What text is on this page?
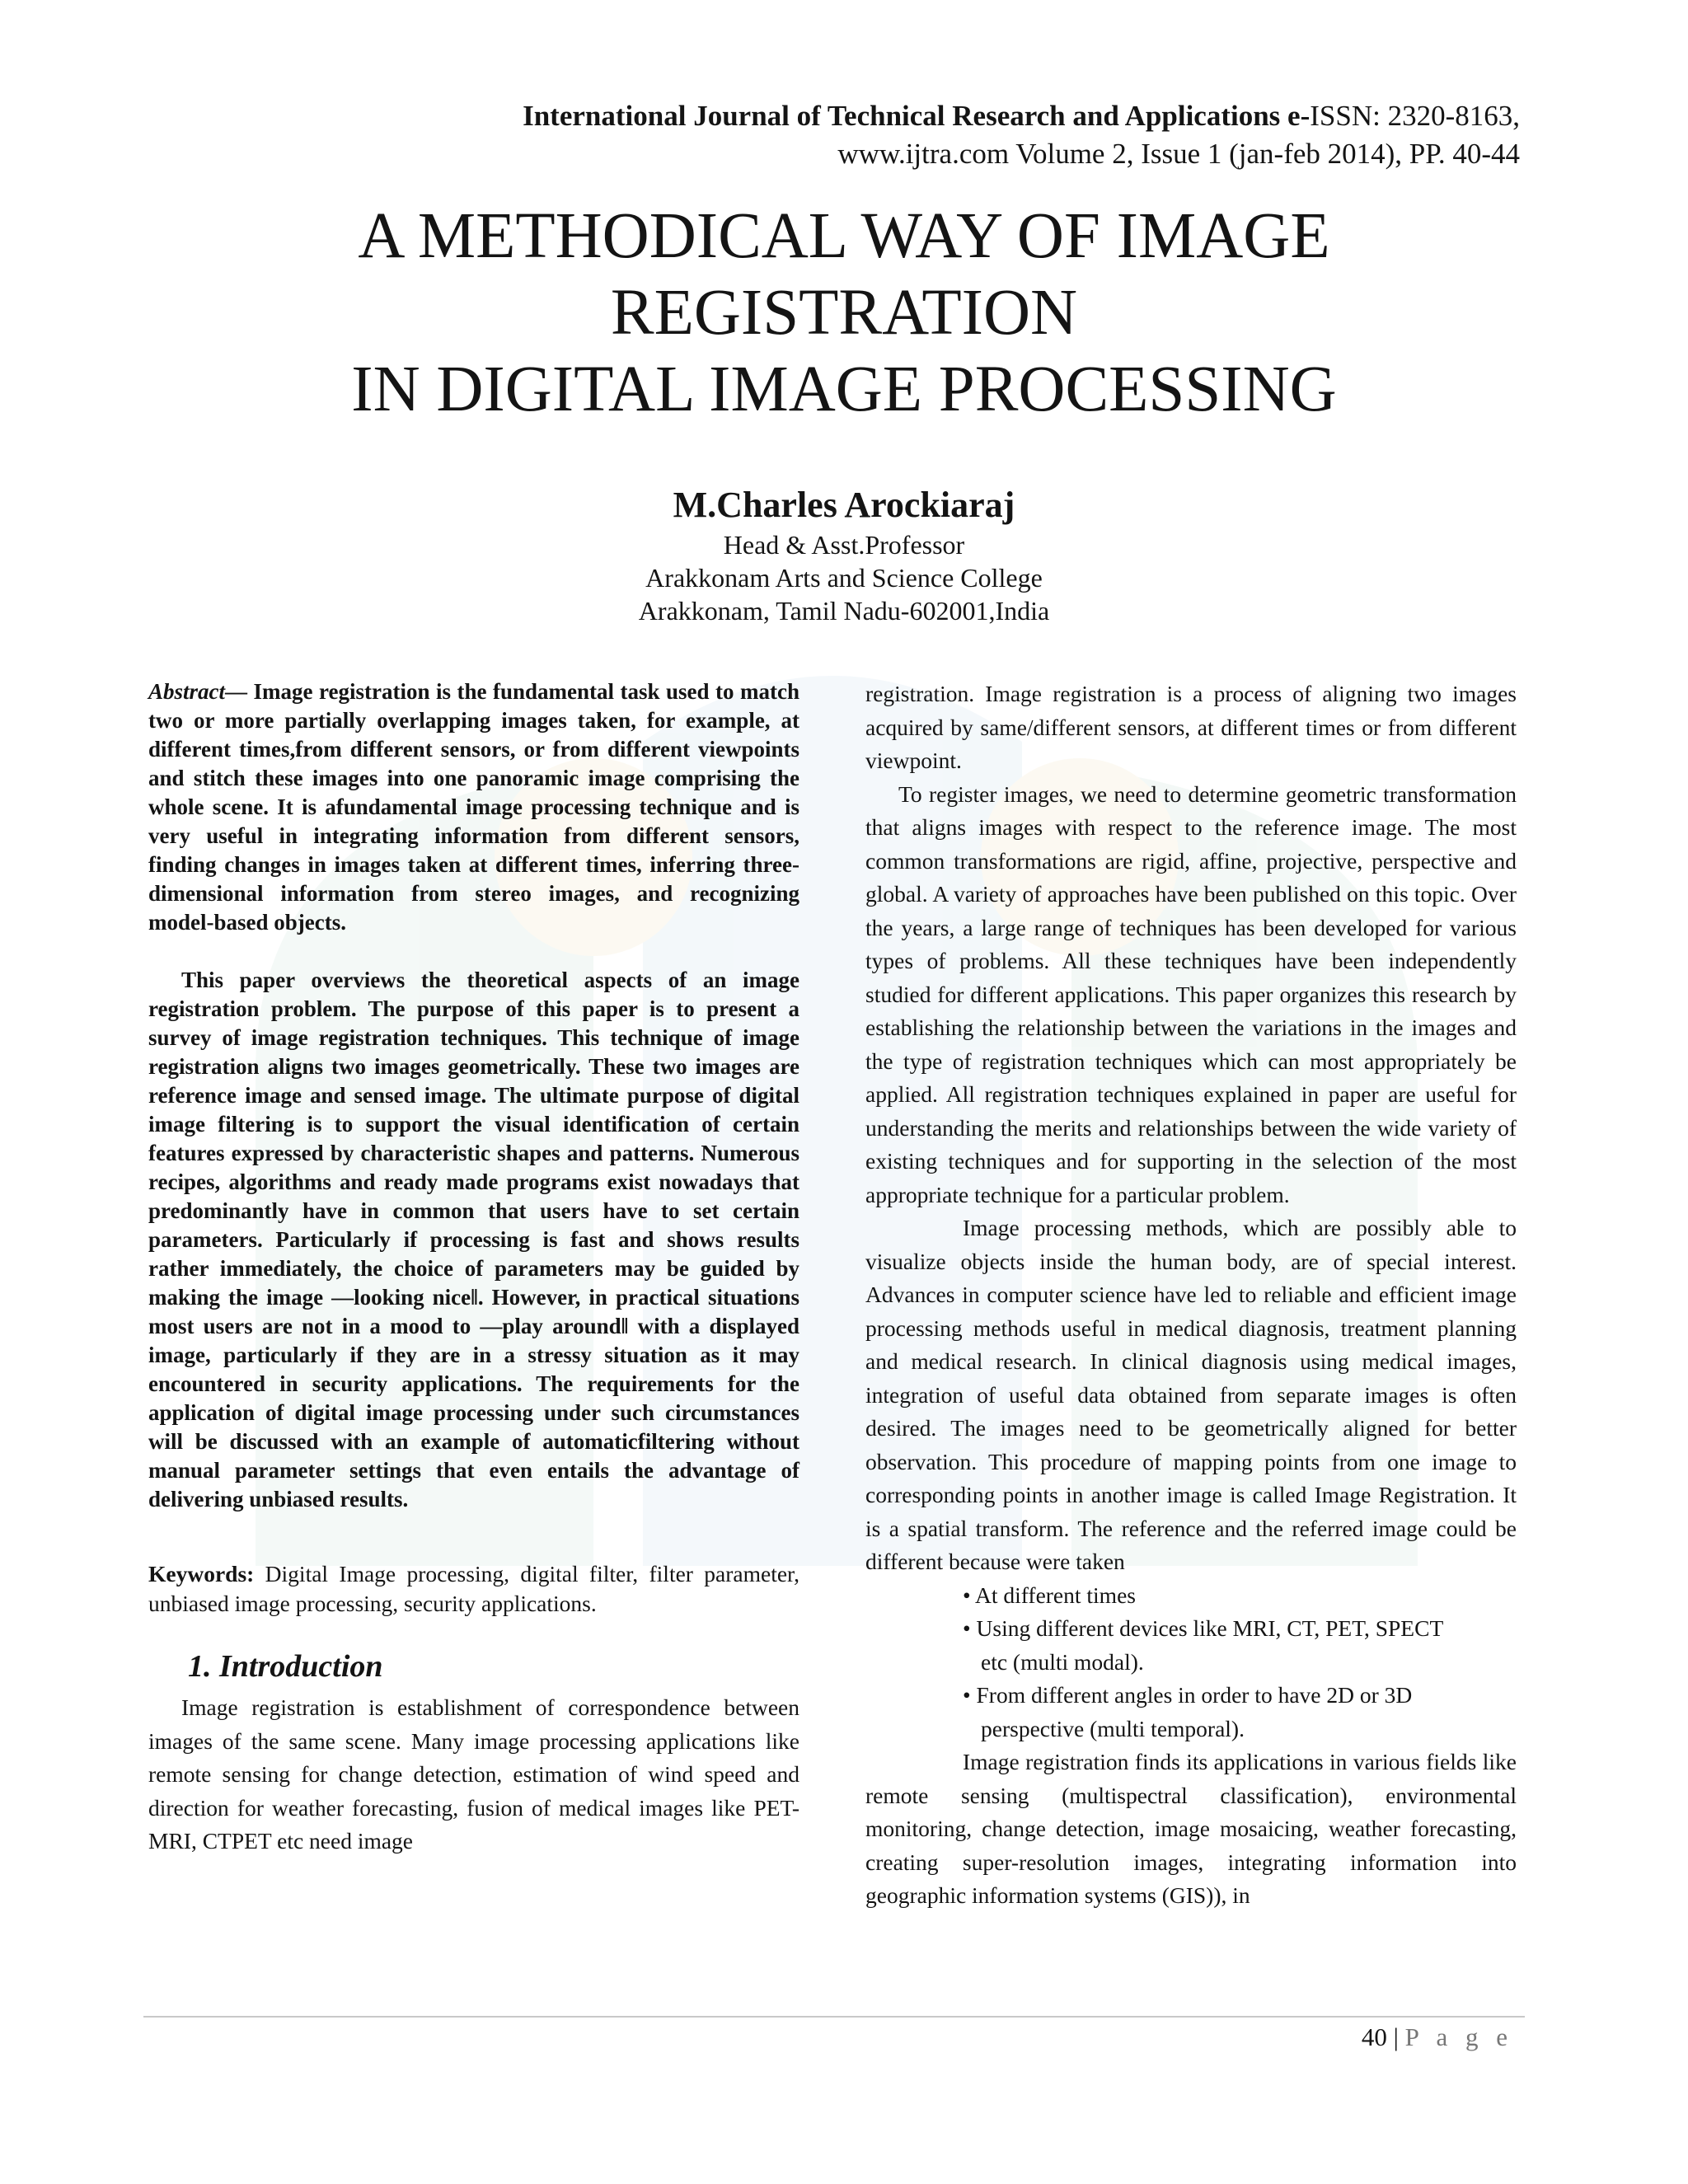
International Journal of Technical Research and Applications e-ISSN: 2320-8163,
www.ijtra.com Volume 2, Issue 1 (jan-feb 2014), PP. 40-44
A METHODICAL WAY OF IMAGE
REGISTRATION
IN DIGITAL IMAGE PROCESSING
M.Charles Arockiaraj
Head & Asst.Professor
Arakkonam Arts and Science College
Arakkonam, Tamil Nadu-602001,India

Abstract— Image registration is the fundamental task used to match two or more partially overlapping images taken, for example, at different times,from different sensors, or from different viewpoints and stitch these images into one panoramic image comprising the whole scene. It is afundamental image processing technique and is very useful in integrating information from different sensors, finding changes in images taken at different times, inferring three-dimensional information from stereo images, and recognizing model-based objects.

This paper overviews the theoretical aspects of an image registration problem. The purpose of this paper is to present a survey of image registration techniques. This technique of image registration aligns two images geometrically. These two images are reference image and sensed image. The ultimate purpose of digital image filtering is to support the visual identification of certain features expressed by characteristic shapes and patterns. Numerous recipes, algorithms and ready made programs exist nowadays that predominantly have in common that users have to set certain parameters. Particularly if processing is fast and shows results rather immediately, the choice of parameters may be guided by making the image ―looking nice‖. However, in practical situations most users are not in a mood to ―play around‖ with a displayed image, particularly if they are in a stressy situation as it may encountered in security applications. The requirements for the application of digital image processing under such circumstances will be discussed with an example of automaticfiltering without manual parameter settings that even entails the advantage of delivering unbiased results.

Keywords: Digital Image processing, digital filter, filter parameter, unbiased image processing, security applications.
1. Introduction

Image registration is establishment of correspondence between images of the same scene. Many image processing applications like remote sensing for change detection, estimation of wind speed and direction for weather forecasting, fusion of medical images like PET-MRI, CTPET etc need image

registration. Image registration is a process of aligning two images acquired by same/different sensors, at different times or from different viewpoint.

To register images, we need to determine geometric transformation that aligns images with respect to the reference image. The most common transformations are rigid, affine, projective, perspective and global. A variety of approaches have been published on this topic. Over the years, a large range of techniques has been developed for various types of problems. All these techniques have been independently studied for different applications. This paper organizes this research by establishing the relationship between the variations in the images and the type of registration techniques which can most appropriately be applied. All registration techniques explained in paper are useful for understanding the merits and relationships between the wide variety of existing techniques and for supporting in the selection of the most appropriate technique for a particular problem.

Image processing methods, which are possibly able to visualize objects inside the human body, are of special interest. Advances in computer science have led to reliable and efficient image processing methods useful in medical diagnosis, treatment planning and medical research. In clinical diagnosis using medical images, integration of useful data obtained from separate images is often desired. The images need to be geometrically aligned for better observation. This procedure of mapping points from one image to corresponding points in another image is called Image Registration. It is a spatial transform. The reference and the referred image could be different because were taken

• At different times
• Using different devices like MRI, CT, PET, SPECT
etc (multi modal).
• From different angles in order to have 2D or 3D
perspective (multi temporal).

Image registration finds its applications in various fields like remote sensing (multispectral classification), environmental monitoring, change detection, image mosaicing, weather forecasting, creating super-resolution images, integrating information into geographic information systems (GIS)), in

40 | P a g e
